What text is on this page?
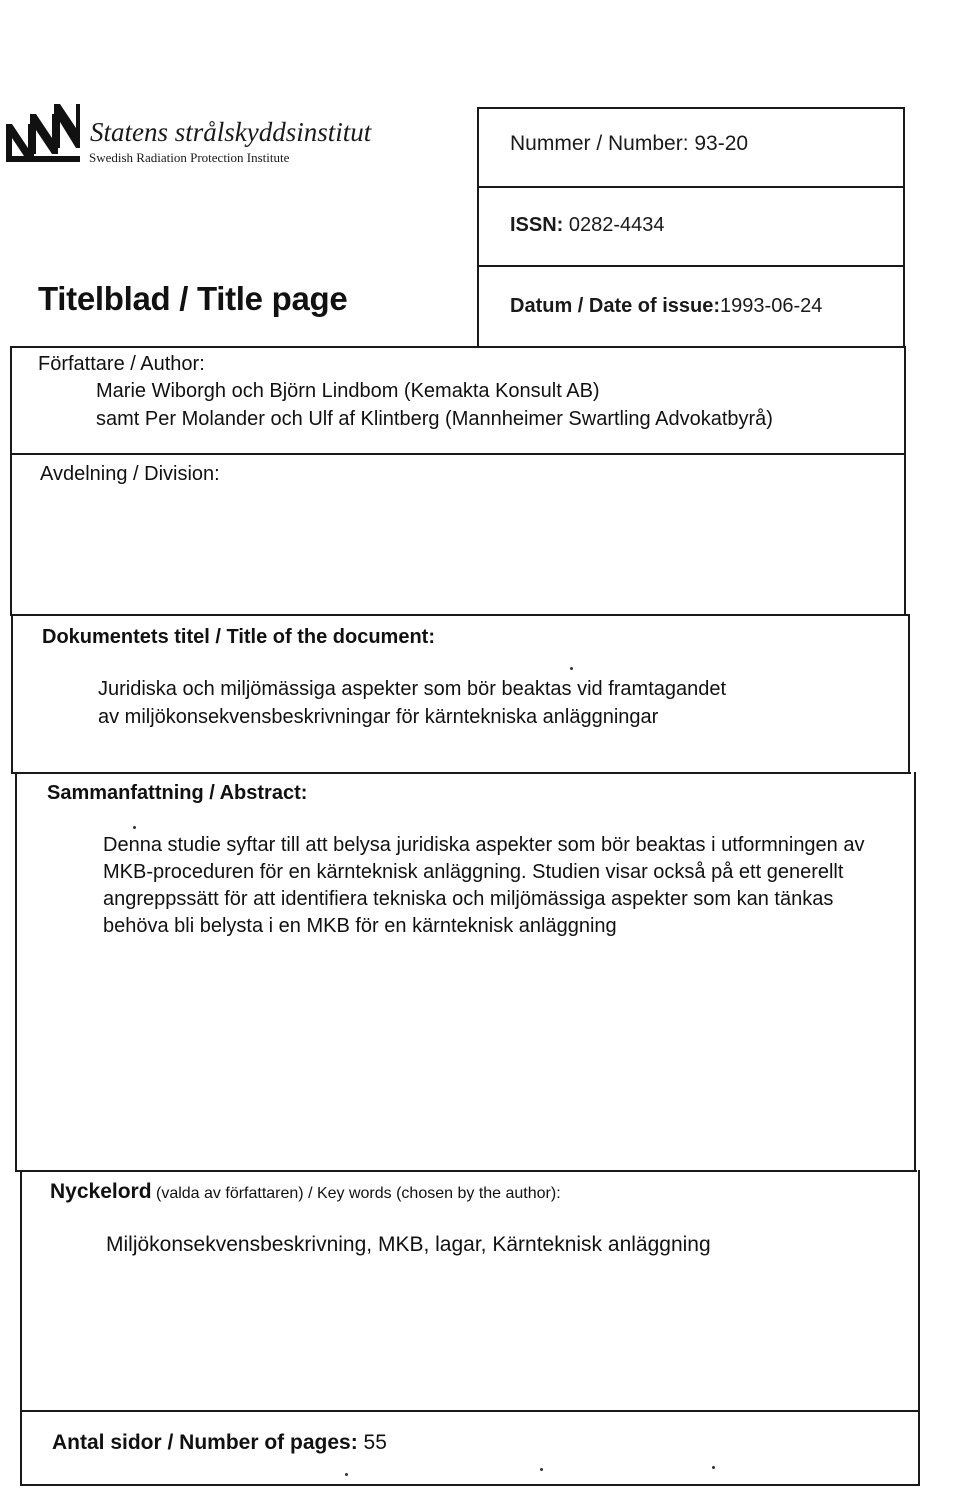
Statens strålskyddsinstitut
Swedish Radiation Protection Institute
Nummer / Number: 93-20
ISSN: 0282-4434
Datum / Date of issue:1993-06-24
Titelblad / Title page
Författare / Author:
Marie Wiborgh och Björn Lindbom (Kemakta Konsult AB)
samt Per Molander och Ulf af Klintberg (Mannheimer Swartling Advokatbyrå)
Avdelning / Division:
Dokumentets titel / Title of the document:
Juridiska och miljömässiga aspekter som bör beaktas vid framtagandet
av miljökonsekvensbeskrivningar för kärntekniska anläggningar
Sammanfattning / Abstract:
Denna studie syftar till att belysa juridiska aspekter som bör beaktas i utformningen av MKB-proceduren för en kärnteknisk anläggning. Studien visar också på ett generellt angreppssätt för att identifiera tekniska och miljömässiga aspekter som kan tänkas behöva bli belysta i en MKB för en kärnteknisk anläggning
Nyckelord (valda av författaren) / Key words (chosen by the author):
Miljökonsekvensbeskrivning, MKB, lagar, Kärnteknisk anläggning
Antal sidor / Number of pages: 55
